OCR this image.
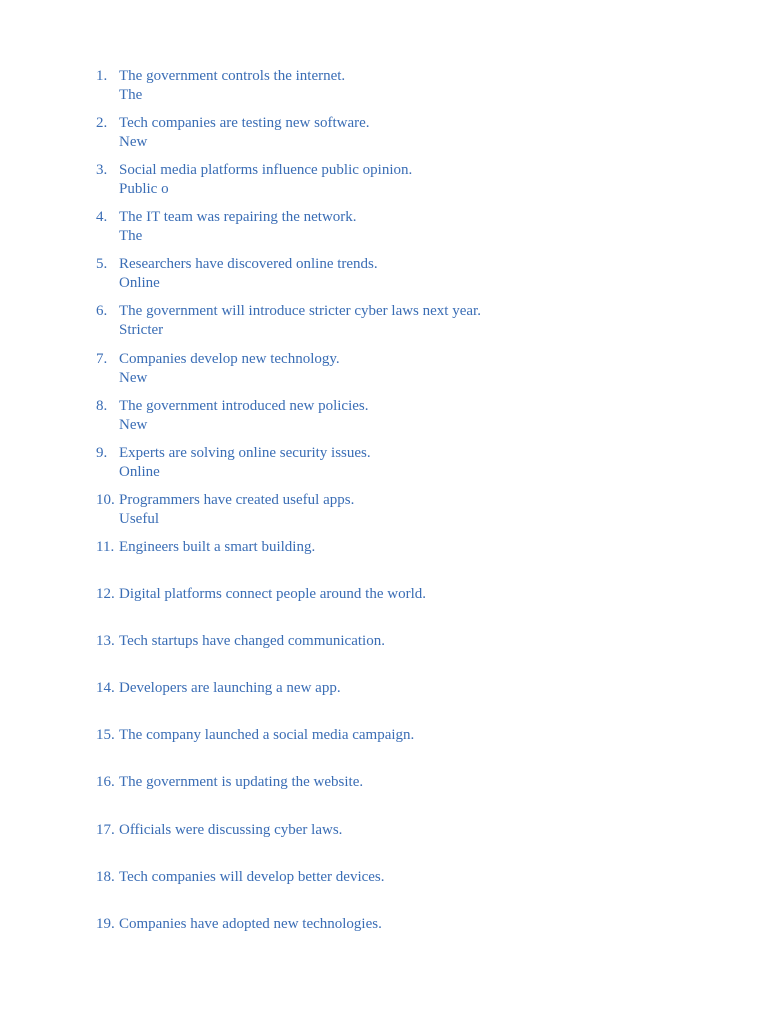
1. The government controls the internet.
The
2. Tech companies are testing new software.
New
3. Social media platforms influence public opinion.
Public o
4. The IT team was repairing the network.
The
5. Researchers have discovered online trends.
Online
6. The government will introduce stricter cyber laws next year.
Stricter
7. Companies develop new technology.
New
8. The government introduced new policies.
New
9. Experts are solving online security issues.
Online
10. Programmers have created useful apps.
Useful
11. Engineers built a smart building.
12. Digital platforms connect people around the world.
13. Tech startups have changed communication.
14. Developers are launching a new app.
15. The company launched a social media campaign.
16. The government is updating the website.
17. Officials were discussing cyber laws.
18. Tech companies will develop better devices.
19. Companies have adopted new technologies.
